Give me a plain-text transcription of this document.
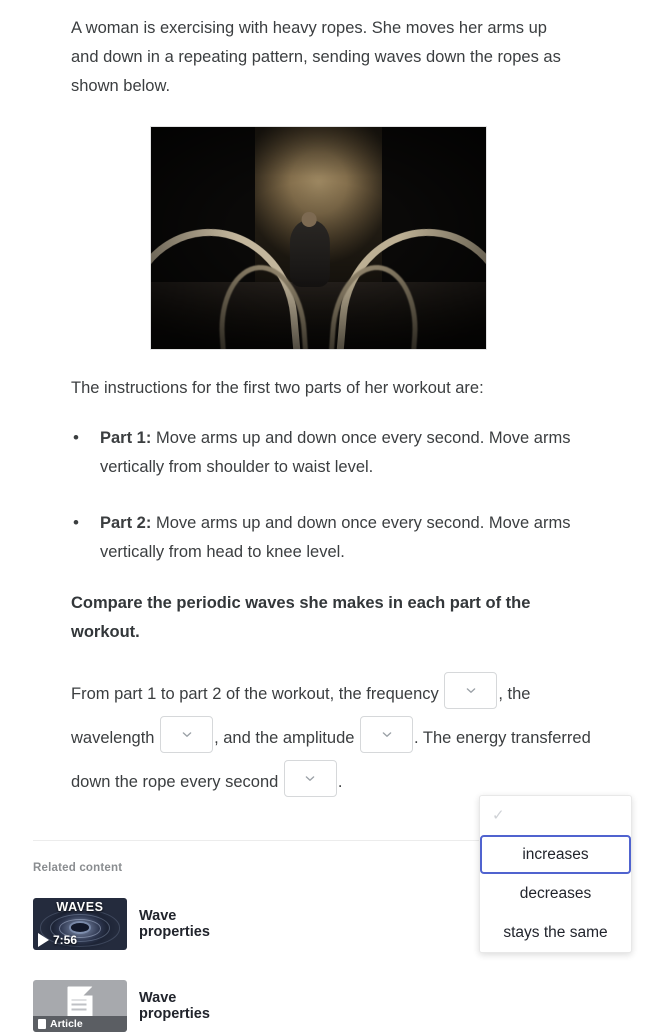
A woman is exercising with heavy ropes. She moves her arms up and down in a repeating pattern, sending waves down the ropes as shown below.

The instructions for the first two parts of her workout are:
• Part 1: Move arms up and down once every second. Move arms vertically from shoulder to waist level.
• Part 2: Move arms up and down once every second. Move arms vertically from head to knee level.
Compare the periodic waves she makes in each part of the workout.
From part 1 to part 2 of the workout, the frequency	, the wavelength	, and the amplitude	. The energy transferred down the rope every second	.
Related content
WAVES
7:56
Wave properties
Article
Wave properties
✓
increases
decreases
stays the same
